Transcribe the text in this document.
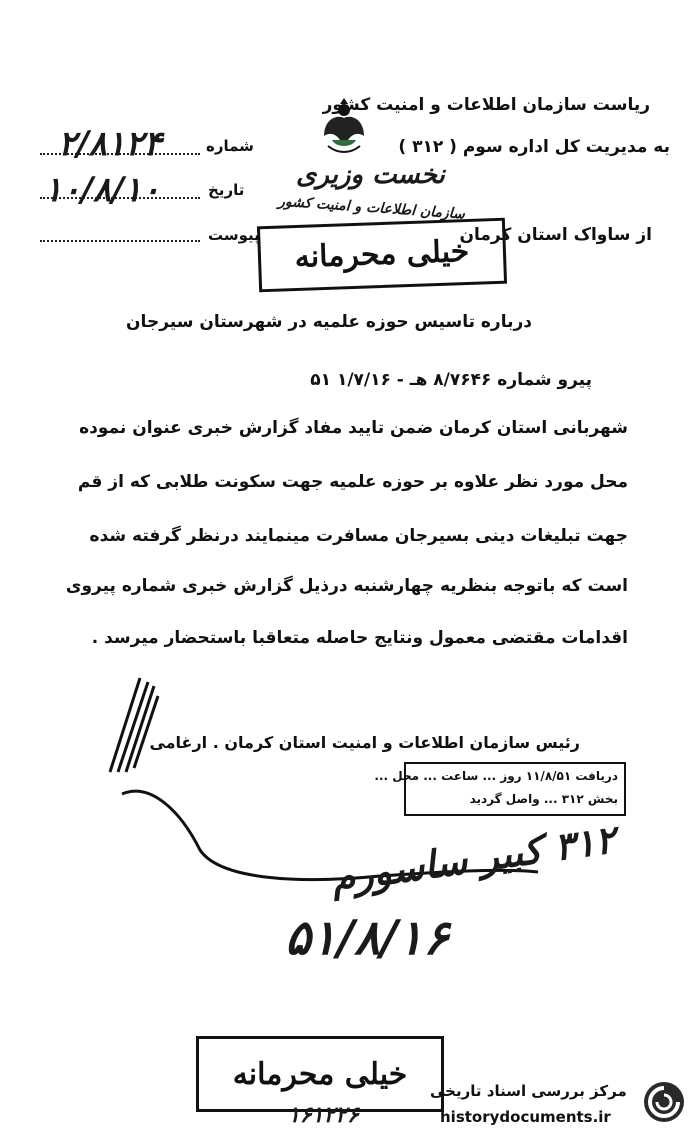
ریاست سازمان اطلاعات و امنیت کشور
به مدیریت کل اداره سوم ( ۳۱۲ )
از ساواک استان کرمان
شماره
۲/۸۱۲۴
تاریخ
۱۰/۸/۱۰
پیوست
نخست وزیری
سازمان اطلاعات و امنیت کشور
خیلی محرمانه
درباره تاسیس حوزه علمیه در شهرستان سیرجان
پیرو شماره ۸/۷۶۴۶ هـ - ۱/۷/۱۶ ۵۱
شهربانی استان کرمان ضمن تایید مفاد گزارش خبری عنوان نموده
محل مورد نظر علاوه بر حوزه علمیه جهت سکونت طلابی که از قم
جهت تبلیغات دینی بسیرجان مسافرت مینمایند درنظر گرفته شده
است که باتوجه بنظریه چهارشنبه درذیل گزارش خبری شماره پیروی
اقدامات مقتضی معمول ونتایج حاصله متعاقبا باستحضار میرسد .
رئیس سازمان اطلاعات و امنیت استان کرمان . ارغامی
دریافت ۱۱/۸/۵۱ روز ... ساعت ... محل ...
بخش ۳۱۲ ... واصل گردید
۳۱۲ کبیر ساسورم
۵۱/۸/۱۶
خیلی محرمانه
۱۶۱۲۲۶
مرکز بررسی اسناد تاریخی
historydocuments.ir
